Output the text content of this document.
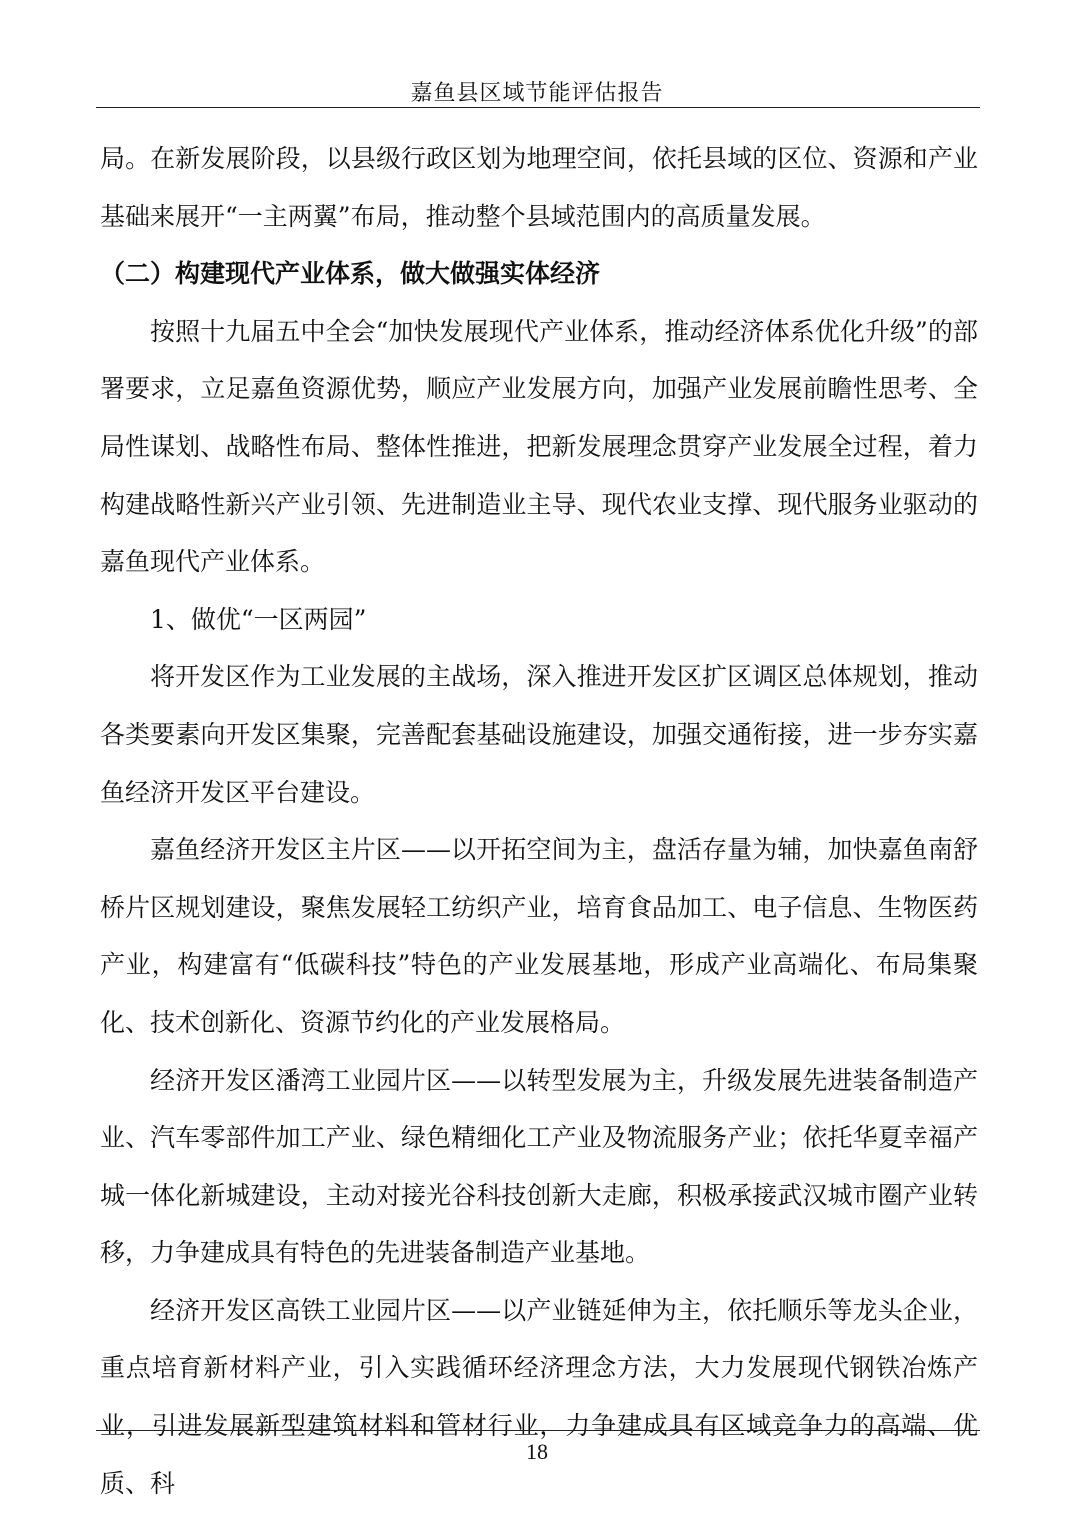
嘉鱼县区域节能评估报告

局。在新发展阶段，以县级行政区划为地理空间，依托县域的区位、资源和产业基础来展开“一主两翼”布局，推动整个县域范围内的高质量发展。

（二）构建现代产业体系，做大做强实体经济

按照十九届五中全会“加快发展现代产业体系，推动经济体系优化升级”的部署要求，立足嘉鱼资源优势，顺应产业发展方向，加强产业发展前瞻性思考、全局性谋划、战略性布局、整体性推进，把新发展理念贯穿产业发展全过程，着力构建战略性新兴产业引领、先进制造业主导、现代农业支撑、现代服务业驱动的嘉鱼现代产业体系。

1、做优“一区两园”

将开发区作为工业发展的主战场，深入推进开发区扩区调区总体规划，推动各类要素向开发区集聚，完善配套基础设施建设，加强交通衔接，进一步夯实嘉鱼经济开发区平台建设。

嘉鱼经济开发区主片区——以开拓空间为主，盘活存量为辅，加快嘉鱼南舒桥片区规划建设，聚焦发展轻工纺织产业，培育食品加工、电子信息、生物医药产业，构建富有“低碳科技”特色的产业发展基地，形成产业高端化、布局集聚化、技术创新化、资源节约化的产业发展格局。

经济开发区潘湾工业园片区——以转型发展为主，升级发展先进装备制造产业、汽车零部件加工产业、绿色精细化工产业及物流服务产业；依托华夏幸福产城一体化新城建设，主动对接光谷科技创新大走廊，积极承接武汉城市圈产业转移，力争建成具有特色的先进装备制造产业基地。

经济开发区高铁工业园片区——以产业链延伸为主，依托顺乐等龙头企业，重点培育新材料产业，引入实践循环经济理念方法，大力发展现代钢铁冶炼产业，引进发展新型建筑材料和管材行业，力争建成具有区域竞争力的高端、优质、科

18
